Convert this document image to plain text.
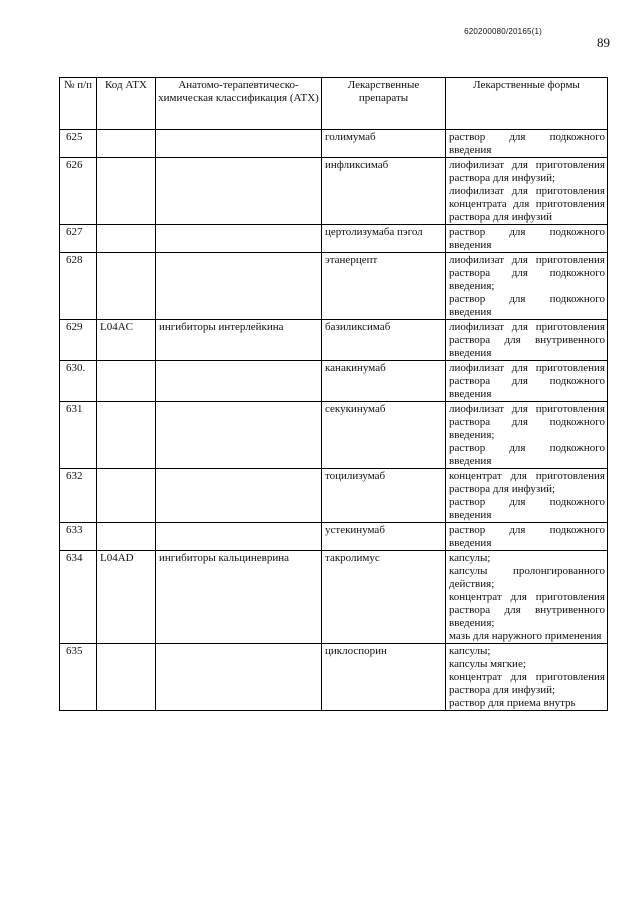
620200080/20165(1)
89
№ п/п	Код АТХ	Анатомо-терапевтическо-химическая классификация (АТХ)	Лекарственные препараты	Лекарственные формы
625			голимумаб	раствор для подкожного введения

626			инфликсимаб	лиофилизат для приготовления раствора для инфузий;
лиофилизат для приготовления концентрата для приготовления раствора для инфузий

627			цертолизумаба пэгол	раствор для подкожного введения

628			этанерцепт	лиофилизат для приготовления раствора для подкожного введения;
раствор для подкожного введения

629	L04AC	ингибиторы интерлейкина	базиликсимаб	лиофилизат для приготовления раствора для внутривенного введения

630.			канакинумаб	лиофилизат для приготовления раствора для подкожного введения

631			секукинумаб	лиофилизат для приготовления раствора для подкожного введения;
раствор для подкожного введения

632			тоцилизумаб	концентрат для приготовления раствора для инфузий;
раствор для подкожного введения

633			устекинумаб	раствор для подкожного введения

634	L04AD	ингибиторы кальциневрина	такролимус	капсулы;
капсулы пролонгированного действия;
концентрат для приготовления раствора для внутривенного введения;
мазь для наружного применения

635			циклоспорин	капсулы;
капсулы мягкие;
концентрат для приготовления раствора для инфузий;
раствор для приема внутрь
